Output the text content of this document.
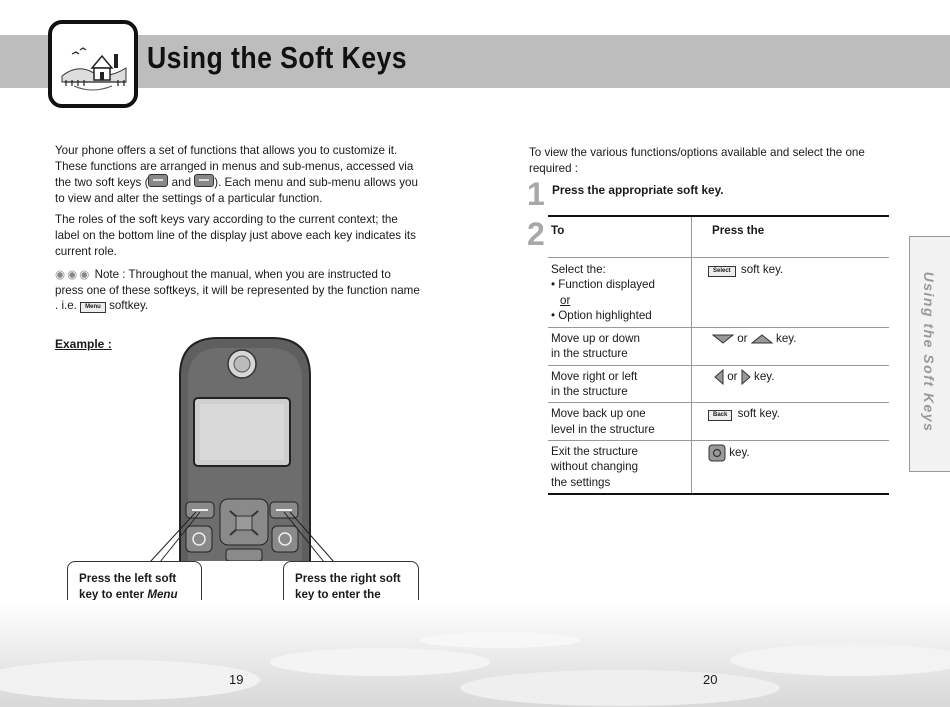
Using the Soft Keys

Your phone offers a set of functions that allows you to customize it. These functions are arranged in menus and sub-menus, accessed via the two soft keys ( and ). Each menu and sub-menu allows you to view and alter the settings of a particular function.

The roles of the soft keys vary according to the current context; the label on the bottom line of the display just above each key indicates its current role.

◉◉◉ Note : Throughout the manual, when you are instructed to press one of these softkeys, it will be represented by the function name . i.e. Menu softkey.

Example :
Press the left soft key to enter Menu
Press the right soft key to enter the
To view the various functions/options available and select the one required :
1 Press the appropriate soft key.
2 To	Press the
Select the:
• Function displayed
or
• Option highlighted
Select soft key.
Move up or down
in the structure
or key.
Move right or left
in the structure
or key.
Move back up one
level in the structure
Back soft key.
Exit the structure
without changing
the settings
key.
Using the Soft Keys
19	20
